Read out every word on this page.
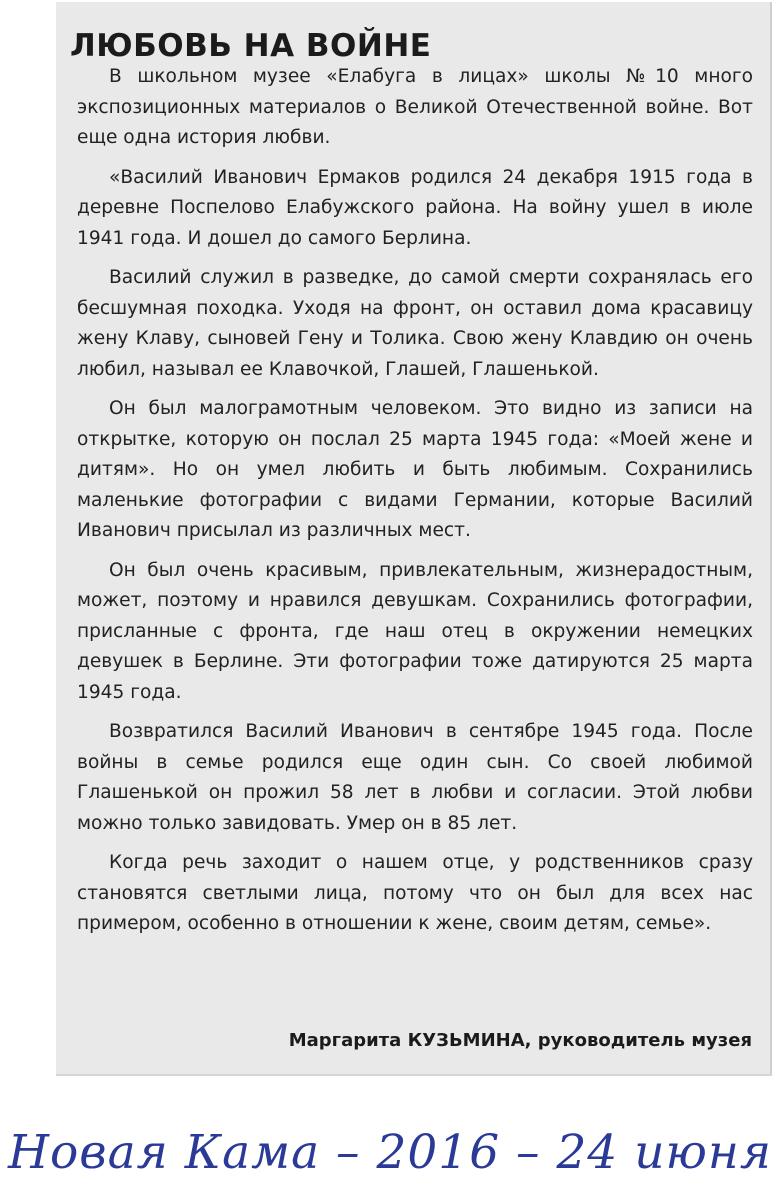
ЛЮБОВЬ НА ВОЙНЕ

В школьном музее «Елабуга в лицах» школы №10 много экспозиционных материалов о Великой Отечественной войне. Вот еще одна история любви.

«Василий Иванович Ермаков родился 24 декабря 1915 года в деревне Поспелово Елабужского района. На войну ушел в июле 1941 года. И дошел до самого Берлина.

Василий служил в разведке, до самой смерти сохранялась его бесшумная походка. Уходя на фронт, он оставил дома красавицу жену Клаву, сыновей Гену и Толика. Свою жену Клавдию он очень любил, называл ее Клавочкой, Глашей, Глашенькой.

Он был малограмотным человеком. Это видно из записи на открытке, которую он послал 25 марта 1945 года: «Моей жене и дитям». Но он умел любить и быть любимым. Сохранились маленькие фотографии с видами Германии, которые Василий Иванович присылал из различных мест.

Он был очень красивым, привлекательным, жизнерадостным, может, поэтому и нравился девушкам. Сохранились фотографии, присланные с фронта, где наш отец в окружении немецких девушек в Берлине. Эти фотографии тоже датируются 25 марта 1945 года.

Возвратился Василий Иванович в сентябре 1945 года. После войны в семье родился еще один сын. Со своей любимой Глашенькой он прожил 58 лет в любви и согласии. Этой любви можно только завидовать. Умер он в 85 лет.

Когда речь заходит о нашем отце, у родственников сразу становятся светлыми лица, потому что он был для всех нас примером, особенно в отношении к жене, своим детям, семье».

Маргарита КУЗЬМИНА, руководитель музея
Новая Кама – 2016 – 24 июня
